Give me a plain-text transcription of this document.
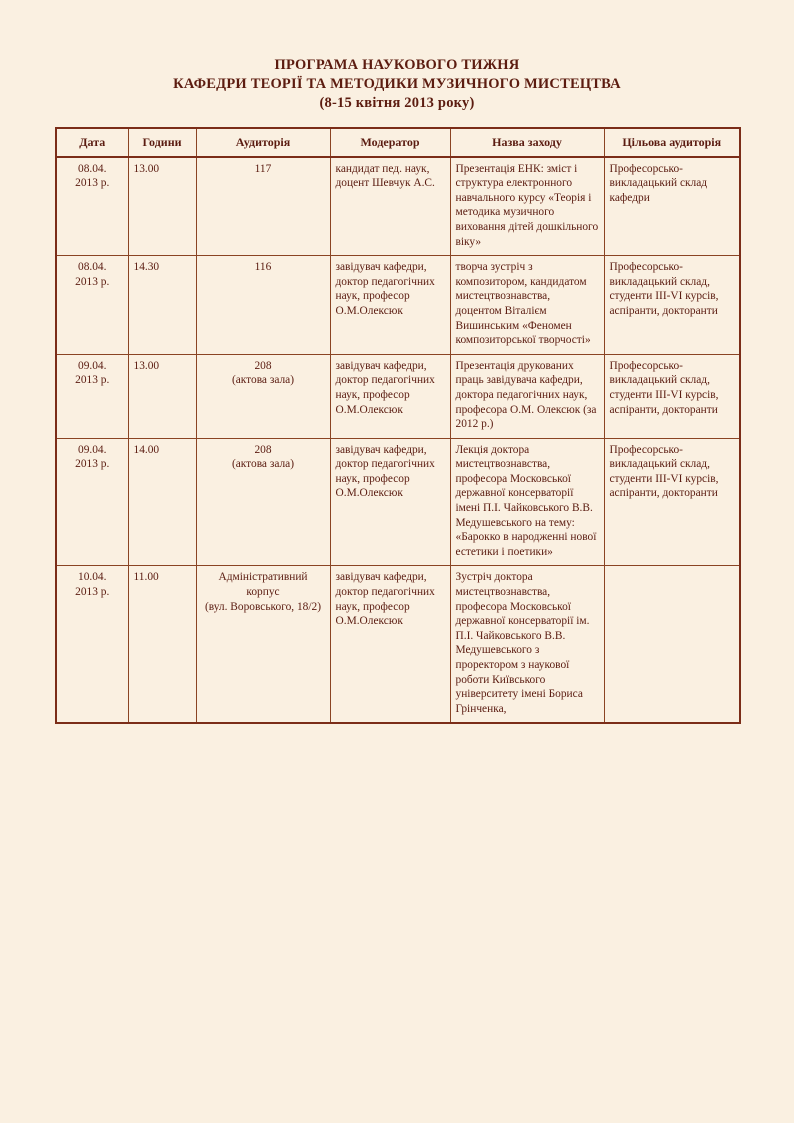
ПРОГРАМА НАУКОВОГО ТИЖНЯ
КАФЕДРИ ТЕОРІЇ ТА МЕТОДИКИ МУЗИЧНОГО МИСТЕЦТВА
(8-15 квітня 2013 року)
Дата	Години	Аудиторія	Модератор	Назва заходу	Цільова аудиторія

08.04.
2013 р.	13.00	117	кандидат пед. наук, доцент Шевчук А.С.	Презентація ЕНК: зміст і структура електронного навчального курсу «Теорія і методика музичного виховання дітей дошкільного віку»	Професорсько-викладацький склад кафедри

08.04.
2013 р.	14.30	116	завідувач кафедри, доктор педагогічних наук, професор О.М.Олексюк	творча зустріч з композитором, кандидатом мистецтвознавства, доцентом Віталієм Вишинським «Феномен композиторської творчості»	Професорсько-викладацький склад, студенти ІІІ-VІ курсів, аспіранти, докторанти

09.04.
2013 р.	13.00	208
(актова зала)	завідувач кафедри, доктор педагогічних наук, професор О.М.Олексюк	Презентація друкованих праць завідувача кафедри, доктора педагогічних наук, професора О.М. Олексюк (за 2012 р.)	Професорсько-викладацький склад, студенти ІІІ-VІ курсів, аспіранти, докторанти

09.04.
2013 р.	14.00	208
(актова зала)	завідувач кафедри, доктор педагогічних наук, професор О.М.Олексюк	Лекція доктора мистецтвознавства, професора Московської державної консерваторії імені П.І. Чайковського В.В. Медушевського на тему: «Барокко в народженні нової естетики і поетики»	Професорсько-викладацький склад, студенти ІІІ-VІ курсів, аспіранти, докторанти

10.04.
2013 р.	11.00	Адміністративний корпус
(вул. Воровського, 18/2)	завідувач кафедри, доктор педагогічних наук, професор О.М.Олексюк	Зустріч доктора мистецтвознавства, професора Московської державної консерваторії ім. П.І. Чайковського В.В. Медушевського з проректором з наукової роботи Київського університету імені Бориса Грінченка,	
